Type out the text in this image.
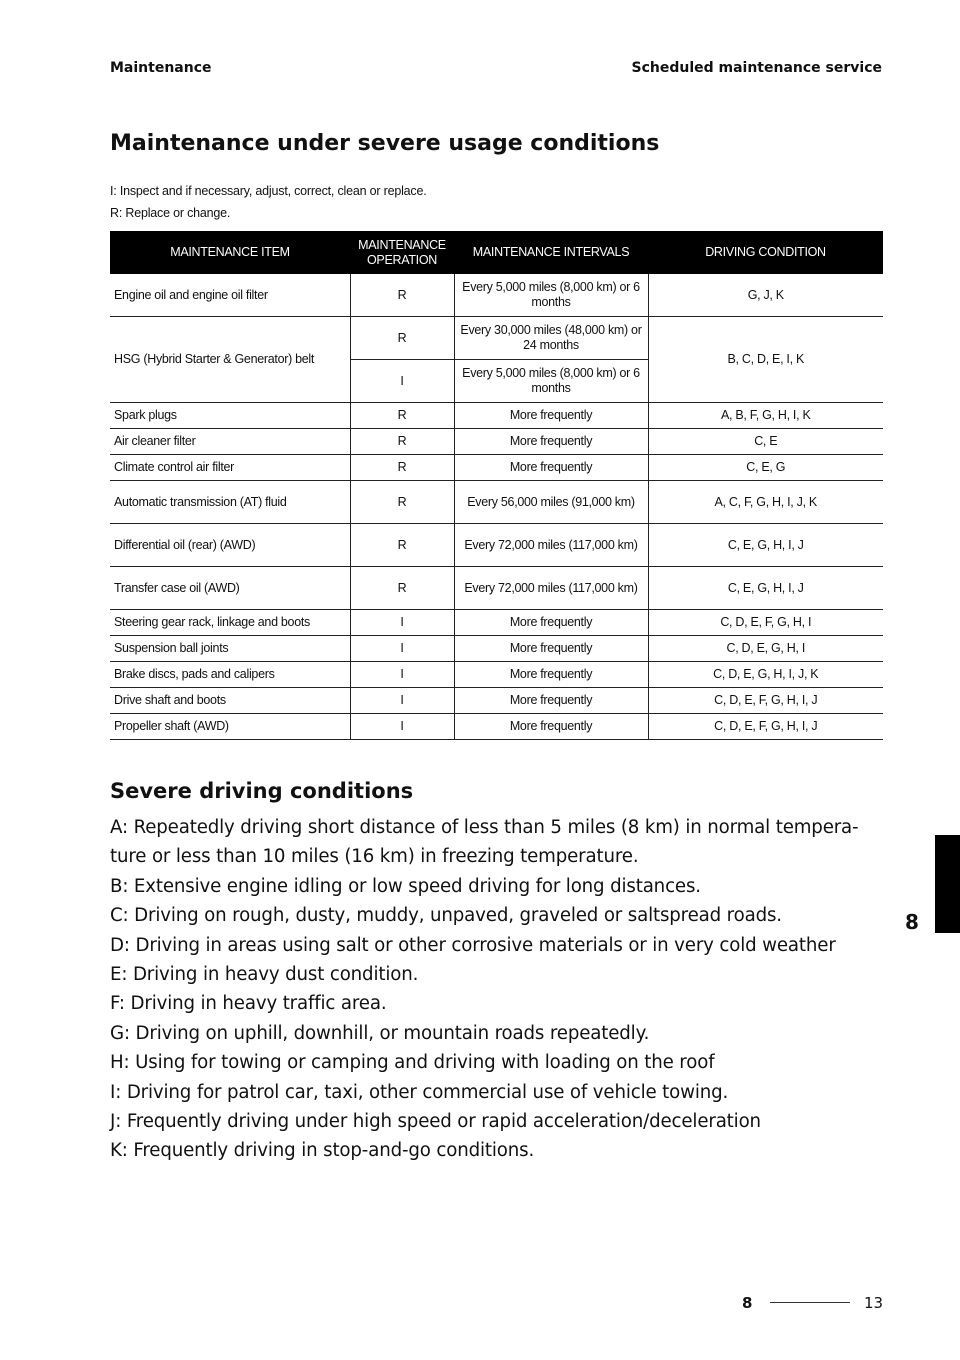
Maintenance	Scheduled maintenance service
Maintenance under severe usage conditions
I: Inspect and if necessary, adjust, correct, clean or replace.
R: Replace or change.
MAINTENANCE ITEM	MAINTENANCE OPERATION	MAINTENANCE INTERVALS	DRIVING CONDITION
Engine oil and engine oil filter	R	Every 5,000 miles (8,000 km) or 6 months	G, J, K
HSG (Hybrid Starter & Generator) belt	R	Every 30,000 miles (48,000 km) or 24 months	B, C, D, E, I, K
	I	Every 5,000 miles (8,000 km) or 6 months	
Spark plugs	R	More frequently	A, B, F, G, H, I, K
Air cleaner filter	R	More frequently	C, E
Climate control air filter	R	More frequently	C, E, G
Automatic transmission (AT) fluid	R	Every 56,000 miles (91,000 km)	A, C, F, G, H, I, J, K
Differential oil (rear) (AWD)	R	Every 72,000 miles (117,000 km)	C, E, G, H, I, J
Transfer case oil (AWD)	R	Every 72,000 miles (117,000 km)	C, E, G, H, I, J
Steering gear rack, linkage and boots	I	More frequently	C, D, E, F, G, H, I
Suspension ball joints	I	More frequently	C, D, E, G, H, I
Brake discs, pads and calipers	I	More frequently	C, D, E, G, H, I, J, K
Drive shaft and boots	I	More frequently	C, D, E, F, G, H, I, J
Propeller shaft (AWD)	I	More frequently	C, D, E, F, G, H, I, J
Severe driving conditions
A: Repeatedly driving short distance of less than 5 miles (8 km) in normal tempera-
ture or less than 10 miles (16 km) in freezing temperature.
B: Extensive engine idling or low speed driving for long distances.
C: Driving on rough, dusty, muddy, unpaved, graveled or saltspread roads.
D: Driving in areas using salt or other corrosive materials or in very cold weather
E: Driving in heavy dust condition.
F: Driving in heavy traffic area.
G: Driving on uphill, downhill, or mountain roads repeatedly.
H: Using for towing or camping and driving with loading on the roof
I: Driving for patrol car, taxi, other commercial use of vehicle towing.
J: Frequently driving under high speed or rapid acceleration/deceleration
K: Frequently driving in stop-and-go conditions.
8
8	13
